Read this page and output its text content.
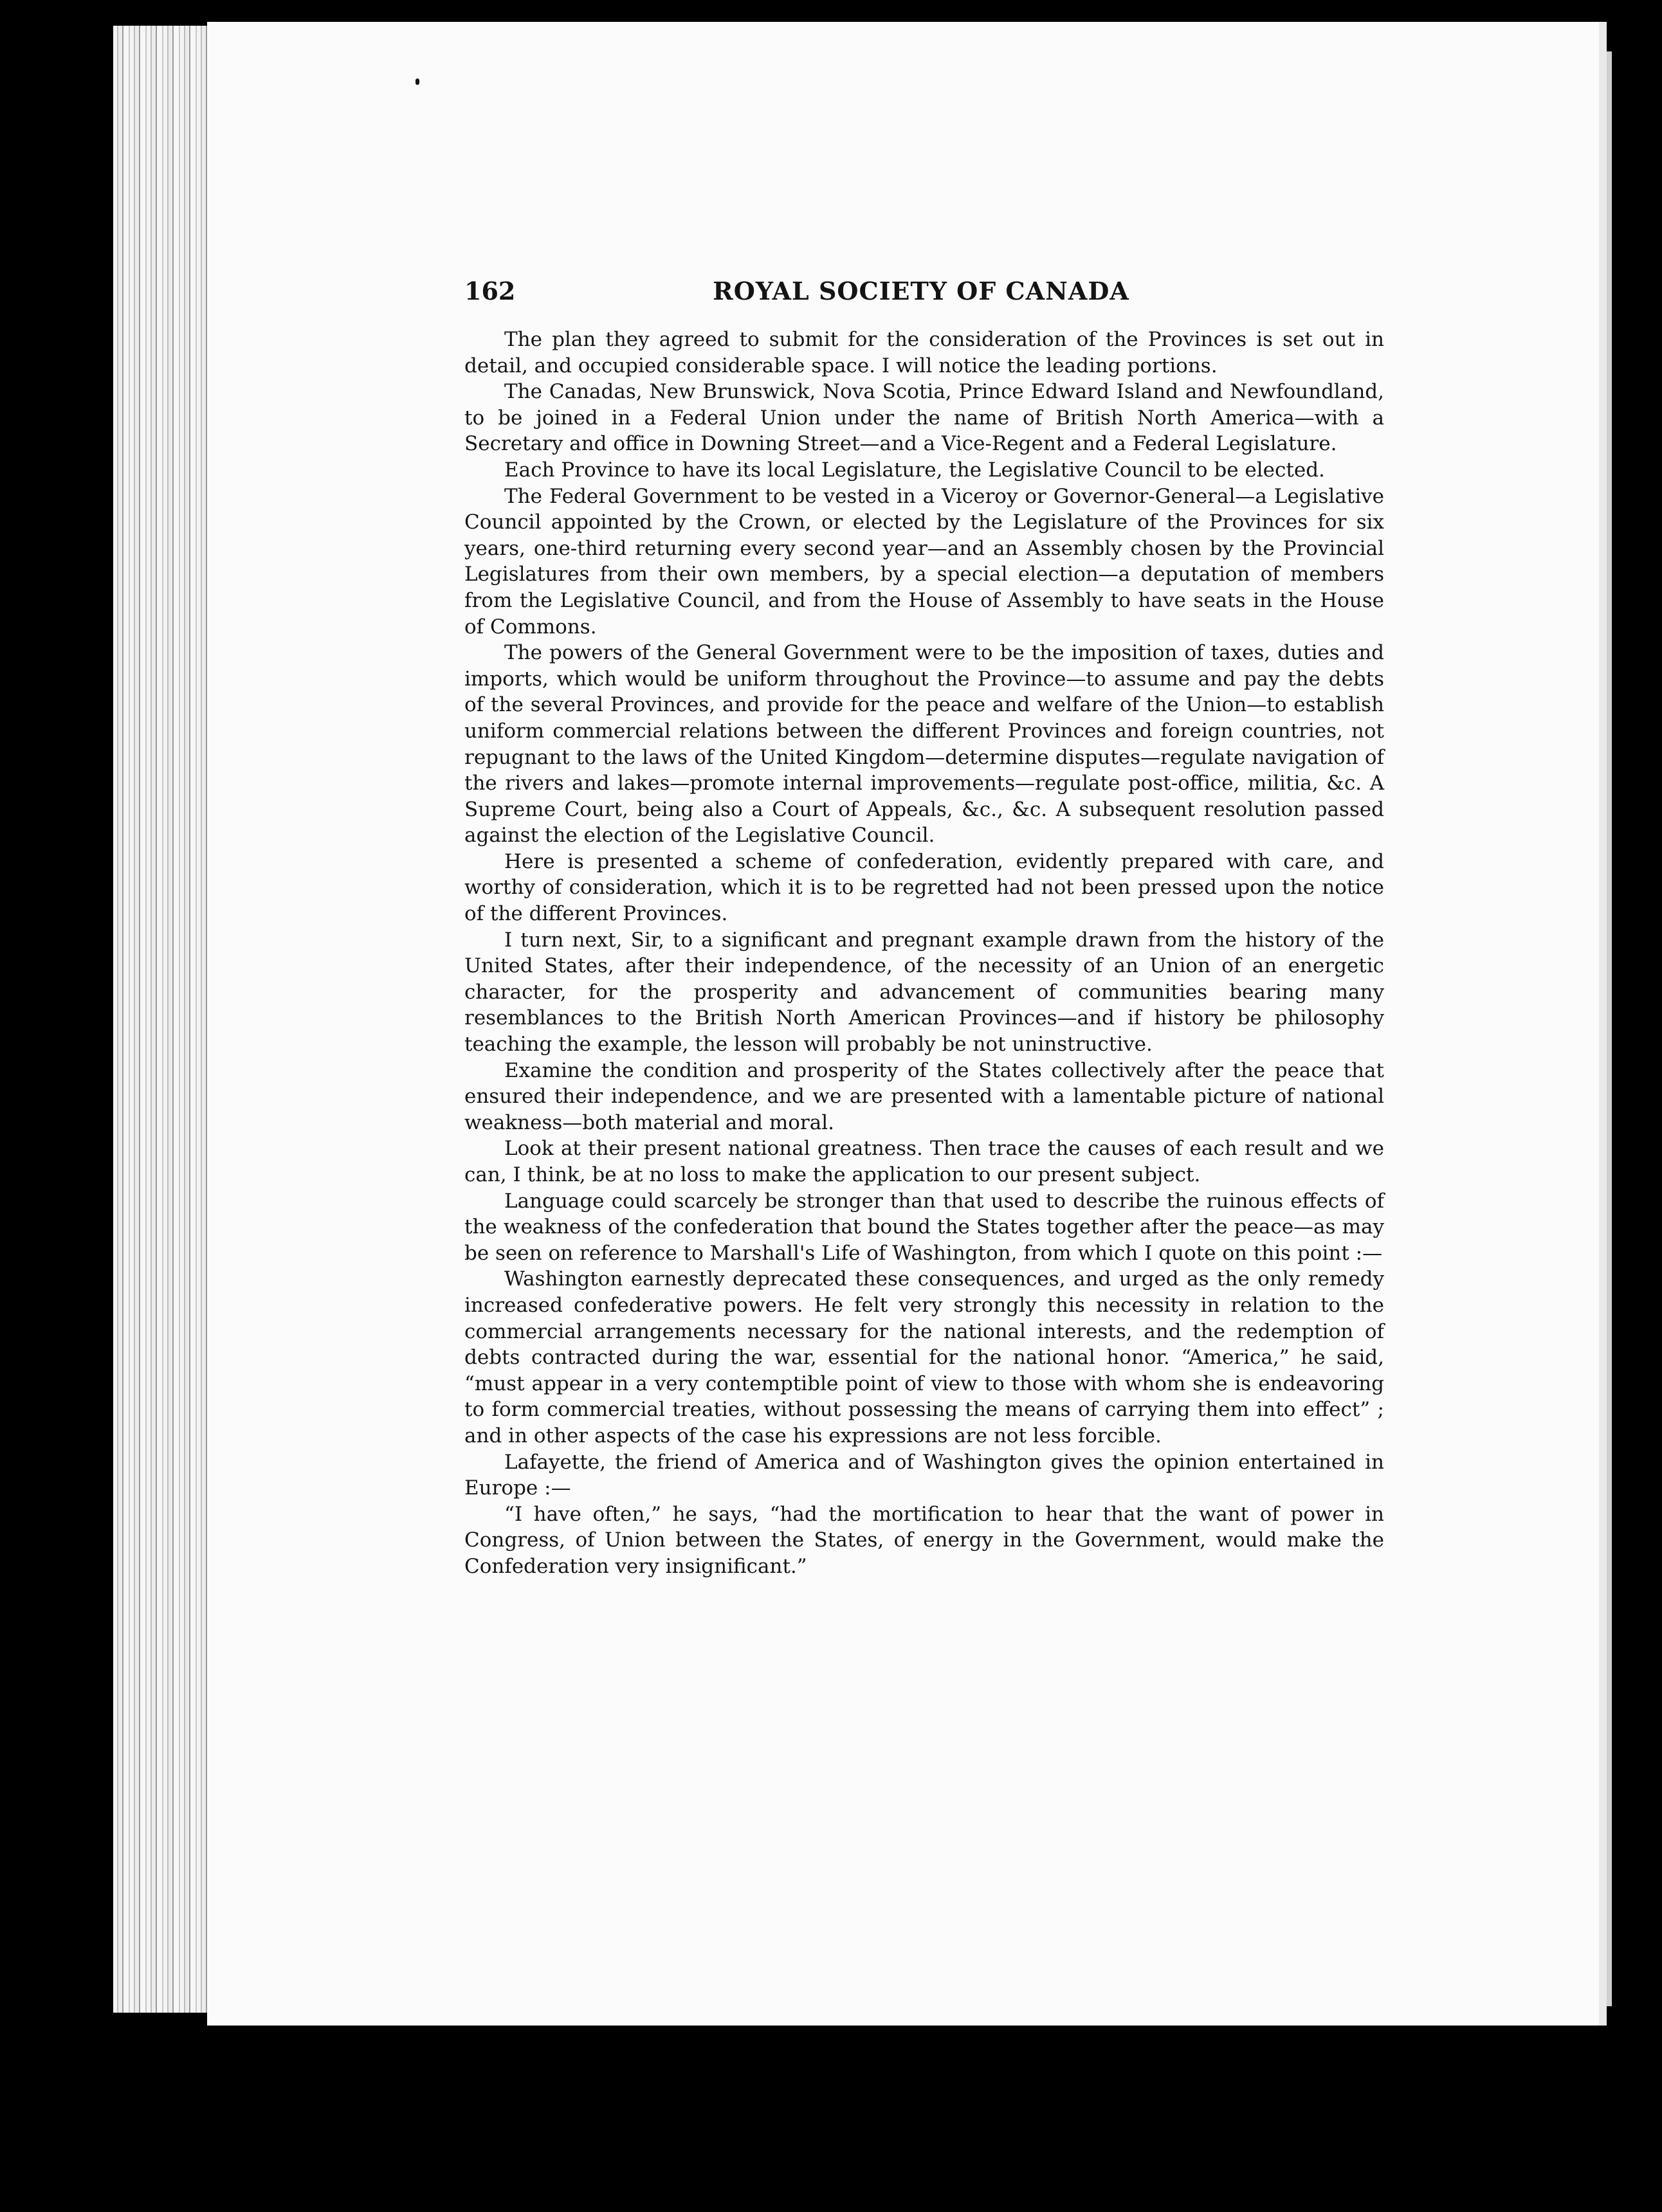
162	ROYAL SOCIETY OF CANADA

The plan they agreed to submit for the consideration of the Provinces is set out in detail, and occupied considerable space. I will notice the leading portions.

The Canadas, New Brunswick, Nova Scotia, Prince Edward Island and Newfoundland, to be joined in a Federal Union under the name of British North America—with a Secretary and office in Downing Street—and a Vice-Regent and a Federal Legislature.

Each Province to have its local Legislature, the Legislative Council to be elected.

The Federal Government to be vested in a Viceroy or Governor-General—a Legislative Council appointed by the Crown, or elected by the Legislature of the Provinces for six years, one-third returning every second year—and an Assembly chosen by the Provincial Legislatures from their own members, by a special election—a deputation of members from the Legislative Council, and from the House of Assembly to have seats in the House of Commons.

The powers of the General Government were to be the imposition of taxes, duties and imports, which would be uniform throughout the Province—to assume and pay the debts of the several Provinces, and provide for the peace and welfare of the Union—to establish uniform commercial relations between the different Provinces and foreign countries, not repugnant to the laws of the United Kingdom—determine disputes—regulate navigation of the rivers and lakes—promote internal improvements—regulate post-office, militia, &c. A Supreme Court, being also a Court of Appeals, &c., &c. A subsequent resolution passed against the election of the Legislative Council.

Here is presented a scheme of confederation, evidently prepared with care, and worthy of consideration, which it is to be regretted had not been pressed upon the notice of the different Provinces.

I turn next, Sir, to a significant and pregnant example drawn from the history of the United States, after their independence, of the necessity of an Union of an energetic character, for the prosperity and advancement of communities bearing many resemblances to the British North American Provinces—and if history be philosophy teaching the example, the lesson will probably be not uninstructive.

Examine the condition and prosperity of the States collectively after the peace that ensured their independence, and we are presented with a lamentable picture of national weakness—both material and moral.

Look at their present national greatness. Then trace the causes of each result and we can, I think, be at no loss to make the application to our present subject.

Language could scarcely be stronger than that used to describe the ruinous effects of the weakness of the confederation that bound the States together after the peace—as may be seen on reference to Marshall's Life of Washington, from which I quote on this point :—

Washington earnestly deprecated these consequences, and urged as the only remedy increased confederative powers. He felt very strongly this necessity in relation to the commercial arrangements necessary for the national interests, and the redemption of debts contracted during the war, essential for the national honor. “America,” he said, “must appear in a very contemptible point of view to those with whom she is endeavoring to form commercial treaties, without possessing the means of carrying them into effect” ; and in other aspects of the case his expressions are not less forcible.

Lafayette, the friend of America and of Washington gives the opinion entertained in Europe :—

“I have often,” he says, “had the mortification to hear that the want of power in Congress, of Union between the States, of energy in the Government, would make the Confederation very insignificant.”
